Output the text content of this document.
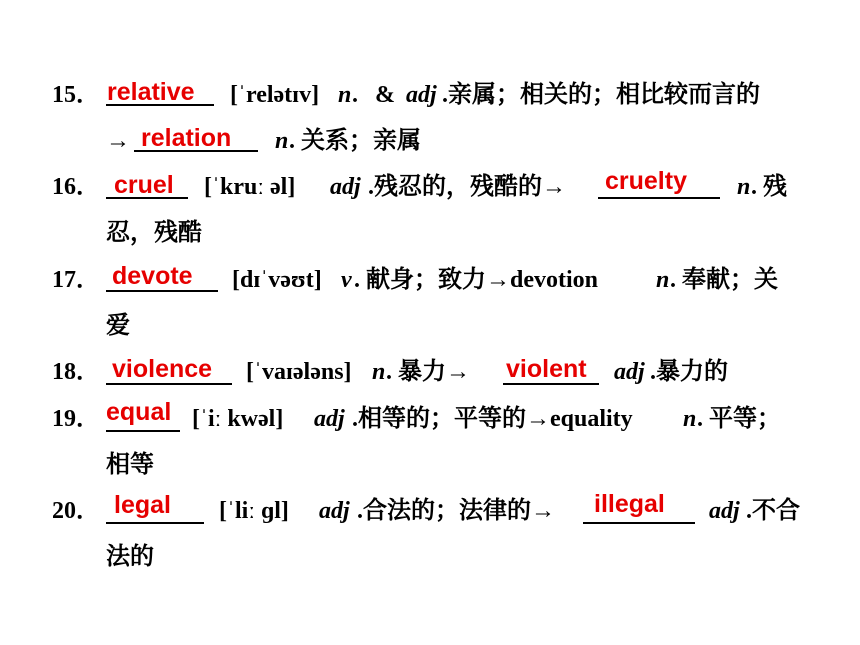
15． relative [ˈrelətɪv] n . & adj .亲属；相关的；相比较而言的
→ relation n . 关系；亲属
16． cruel [ˈkruː əl] adj .残忍的，残酷的→ cruelty n . 残
忍，残酷
17． devote [dɪˈvəʊt] v . 献身；致力→devotion n . 奉献；关
爱
18． violence [ˈvaɪələns] n . 暴力→ violent adj .暴力的
19． equal [ˈiː kwəl] adj .相等的；平等的→equality n . 平等；
相等
20． legal [ˈliː ɡl] adj .合法的；法律的→ illegal adj .不合
法的
